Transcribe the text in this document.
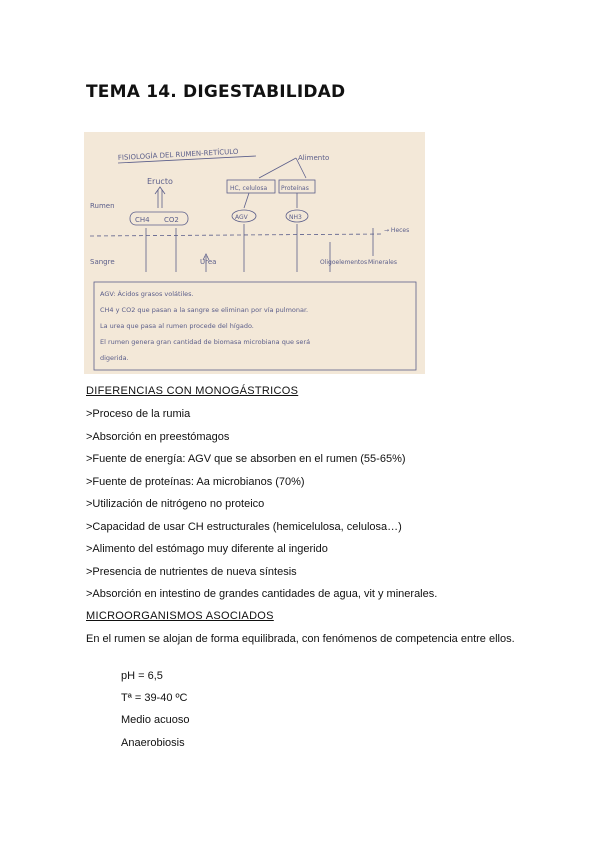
TEMA 14. DIGESTABILIDAD
FISIOLOGÍA DEL RUMEN-RETÍCULO	Alimento
Eructo
Rumen
CH4 CO2
HC, celulosa Proteínas
AGV	NH3
→ Heces
Sangre	Urea	Oligoelementos Minerales
AGV: Ácidos grasos volátiles.
CH4 y CO2 que pasan a la sangre se eliminan por vía pulmonar.
La urea que pasa al rumen procede del hígado.
El rumen genera gran cantidad de biomasa microbiana que será
digerida.
DIFERENCIAS CON MONOGÁSTRICOS
>Proceso de la rumia
>Absorción en preestómagos
>Fuente de energía: AGV que se absorben en el rumen (55-65%)
>Fuente de proteínas: Aa microbianos (70%)
>Utilización de nitrógeno no proteico
>Capacidad de usar CH estructurales (hemicelulosa, celulosa…)
>Alimento del estómago muy diferente al ingerido
>Presencia de nutrientes de nueva síntesis
>Absorción en intestino de grandes cantidades de agua, vit y minerales.
MICROORGANISMOS ASOCIADOS
En el rumen se alojan de forma equilibrada, con fenómenos de competencia entre ellos.
pH = 6,5
Tª = 39-40 ºC
Medio acuoso
Anaerobiosis
